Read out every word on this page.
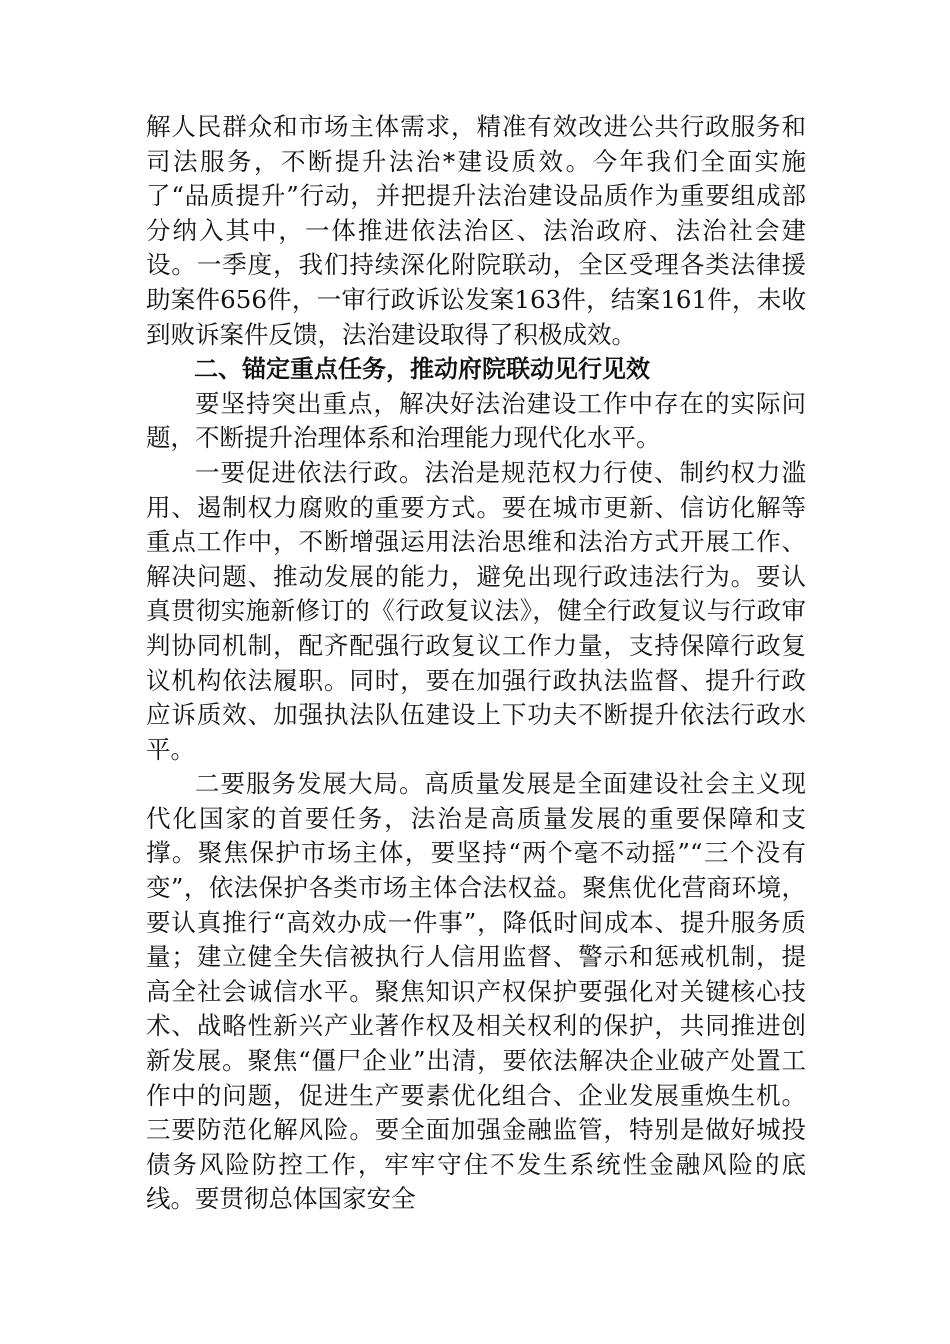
解人民群众和市场主体需求，精准有效改进公共行政服务和司法服务，不断提升法治*建设质效。今年我们全面实施了“品质提升”行动，并把提升法治建设品质作为重要组成部分纳入其中，一体推进依法治区、法治政府、法治社会建设。一季度，我们持续深化附院联动，全区受理各类法律援助案件656件，一审行政诉讼发案163件，结案161件，未收到败诉案件反馈，法治建设取得了积极成效。

二、锚定重点任务，推动府院联动见行见效

要坚持突出重点，解决好法治建设工作中存在的实际问题，不断提升治理体系和治理能力现代化水平。

一要促进依法行政。法治是规范权力行使、制约权力滥用、遏制权力腐败的重要方式。要在城市更新、信访化解等重点工作中，不断增强运用法治思维和法治方式开展工作、解决问题、推动发展的能力，避免出现行政违法行为。要认真贯彻实施新修订的《行政复议法》，健全行政复议与行政审判协同机制，配齐配强行政复议工作力量，支持保障行政复议机构依法履职。同时，要在加强行政执法监督、提升行政应诉质效、加强执法队伍建设上下功夫不断提升依法行政水平。

二要服务发展大局。高质量发展是全面建设社会主义现代化国家的首要任务，法治是高质量发展的重要保障和支撑。聚焦保护市场主体，要坚持“两个毫不动摇”“三个没有变”，依法保护各类市场主体合法权益。聚焦优化营商环境，要认真推行“高效办成一件事”，降低时间成本、提升服务质量；建立健全失信被执行人信用监督、警示和惩戒机制，提高全社会诚信水平。聚焦知识产权保护要强化对关键核心技术、战略性新兴产业著作权及相关权利的保护，共同推进创新发展。聚焦“僵尸企业”出清，要依法解决企业破产处置工作中的问题，促进生产要素优化组合、企业发展重焕生机。三要防范化解风险。要全面加强金融监管，特别是做好城投债务风险防控工作，牢牢守住不发生系统性金融风险的底线。要贯彻总体国家安全
